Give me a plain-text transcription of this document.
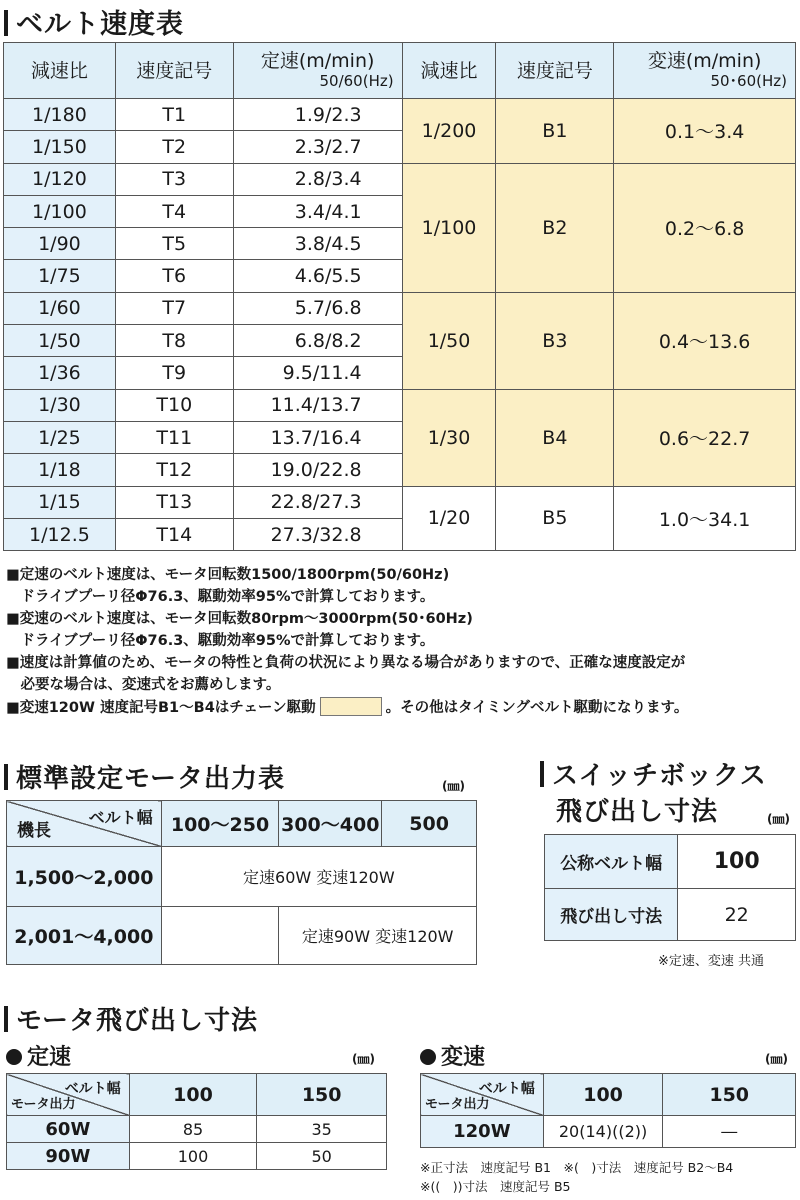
ベルト速度表
減速比	速度記号	定速(m/min)
50/60(Hz)	減速比	速度記号	変速(m/min)
50･60(Hz)

1/180	T1	1.9/2.3	1/200	B1	0.1～3.4
1/150	T2	2.3/2.7			
1/120	T3	2.8/3.4	1/100	B2	0.2～6.8
1/100	T4	3.4/4.1			
1/90	T5	3.8/4.5			
1/75	T6	4.6/5.5			
1/60	T7	5.7/6.8	1/50	B3	0.4～13.6
1/50	T8	6.8/8.2			
1/36	T9	9.5/11.4			
1/30	T10	11.4/13.7	1/30	B4	0.6～22.7
1/25	T11	13.7/16.4			
1/18	T12	19.0/22.8			
1/15	T13	22.8/27.3	1/20	B5	1.0～34.1
1/12.5	T14	27.3/32.8			
■定速のベルト速度は、モータ回転数1500/1800rpm(50/60Hz)
　ドライブプーリ径Φ76.3、駆動効率95%で計算しております。
■変速のベルト速度は、モータ回転数80rpm～3000rpm(50･60Hz)
　ドライブプーリ径Φ76.3、駆動効率95%で計算しております。
■速度は計算値のため、モータの特性と負荷の状況により異なる場合がありますので、正確な速度設定が
　必要な場合は、変速式をお薦めします。
■変速120W 速度記号B1～B4はチェーン駆動	。その他はタイミングベルト駆動になります。
標準設定モータ出力表	(㎜)
ベルト幅
機長	100～250	300～400	500
1,500～2,000	定速60W 変速120W		
2,001～4,000		定速90W 変速120W	
スイッチボックス
飛び出し寸法	(㎜)
公称ベルト幅	100
飛び出し寸法	22
※定速、変速 共通
モータ飛び出し寸法
定速	(㎜)
ベルト幅
モータ出力	100	150
60W	85	35
90W	100	50
変速	(㎜)
ベルト幅
モータ出力	100	150
120W	20(14)((2))	―
※正寸法　速度記号 B1　※(　)寸法　速度記号 B2～B4
※((　))寸法　速度記号 B5
